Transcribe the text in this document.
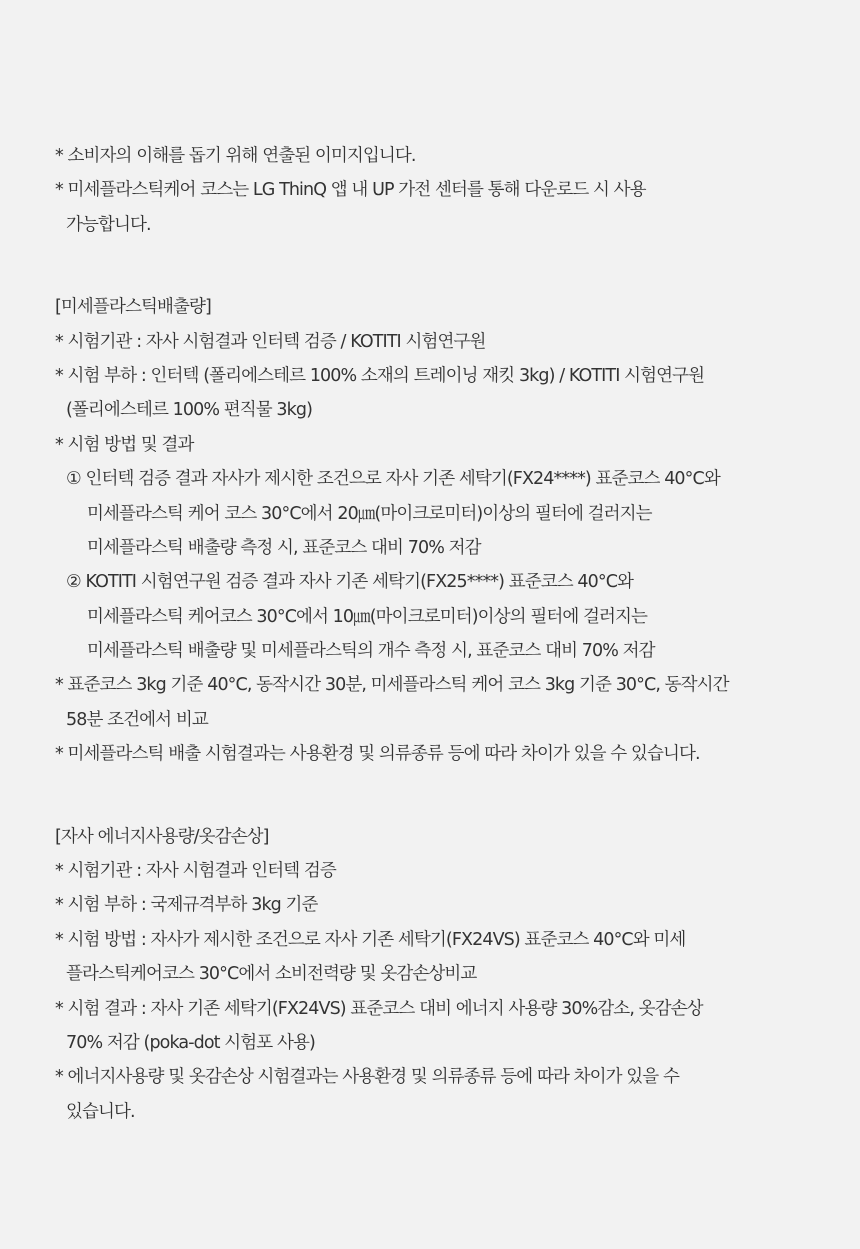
* 소비자의 이해를 돕기 위해 연출된 이미지입니다.
* 미세플라스틱케어 코스는 LG ThinQ 앱 내 UP 가전 센터를 통해 다운로드 시 사용
가능합니다.
[미세플라스틱배출량]
* 시험기관 : 자사 시험결과 인터텍 검증 / KOTITI 시험연구원
* 시험 부하 : 인터텍 (폴리에스테르 100% 소재의 트레이닝 재킷 3kg) / KOTITI 시험연구원
(폴리에스테르 100% 편직물 3kg)
* 시험 방법 및 결과
① 인터텍 검증 결과 자사가 제시한 조건으로 자사 기존 세탁기(FX24****) 표준코스 40°C와
미세플라스틱 케어 코스 30°C에서 20㎛(마이크로미터)이상의 필터에 걸러지는
미세플라스틱 배출량 측정 시, 표준코스 대비 70% 저감
② KOTITI 시험연구원 검증 결과 자사 기존 세탁기(FX25****) 표준코스 40°C와
미세플라스틱 케어코스 30°C에서 10㎛(마이크로미터)이상의 필터에 걸러지는
미세플라스틱 배출량 및 미세플라스틱의 개수 측정 시, 표준코스 대비 70% 저감
* 표준코스 3kg 기준 40°C, 동작시간 30분, 미세플라스틱 케어 코스 3kg 기준 30°C, 동작시간
58분 조건에서 비교
* 미세플라스틱 배출 시험결과는 사용환경 및 의류종류 등에 따라 차이가 있을 수 있습니다.
[자사 에너지사용량/옷감손상]
* 시험기관 : 자사 시험결과 인터텍 검증
* 시험 부하 : 국제규격부하 3kg 기준
* 시험 방법 : 자사가 제시한 조건으로 자사 기존 세탁기(FX24VS) 표준코스 40°C와 미세
플라스틱케어코스 30°C에서 소비전력량 및 옷감손상비교
* 시험 결과 : 자사 기존 세탁기(FX24VS) 표준코스 대비 에너지 사용량 30%감소, 옷감손상
70% 저감 (poka-dot 시험포 사용)
* 에너지사용량 및 옷감손상 시험결과는 사용환경 및 의류종류 등에 따라 차이가 있을 수
있습니다.
